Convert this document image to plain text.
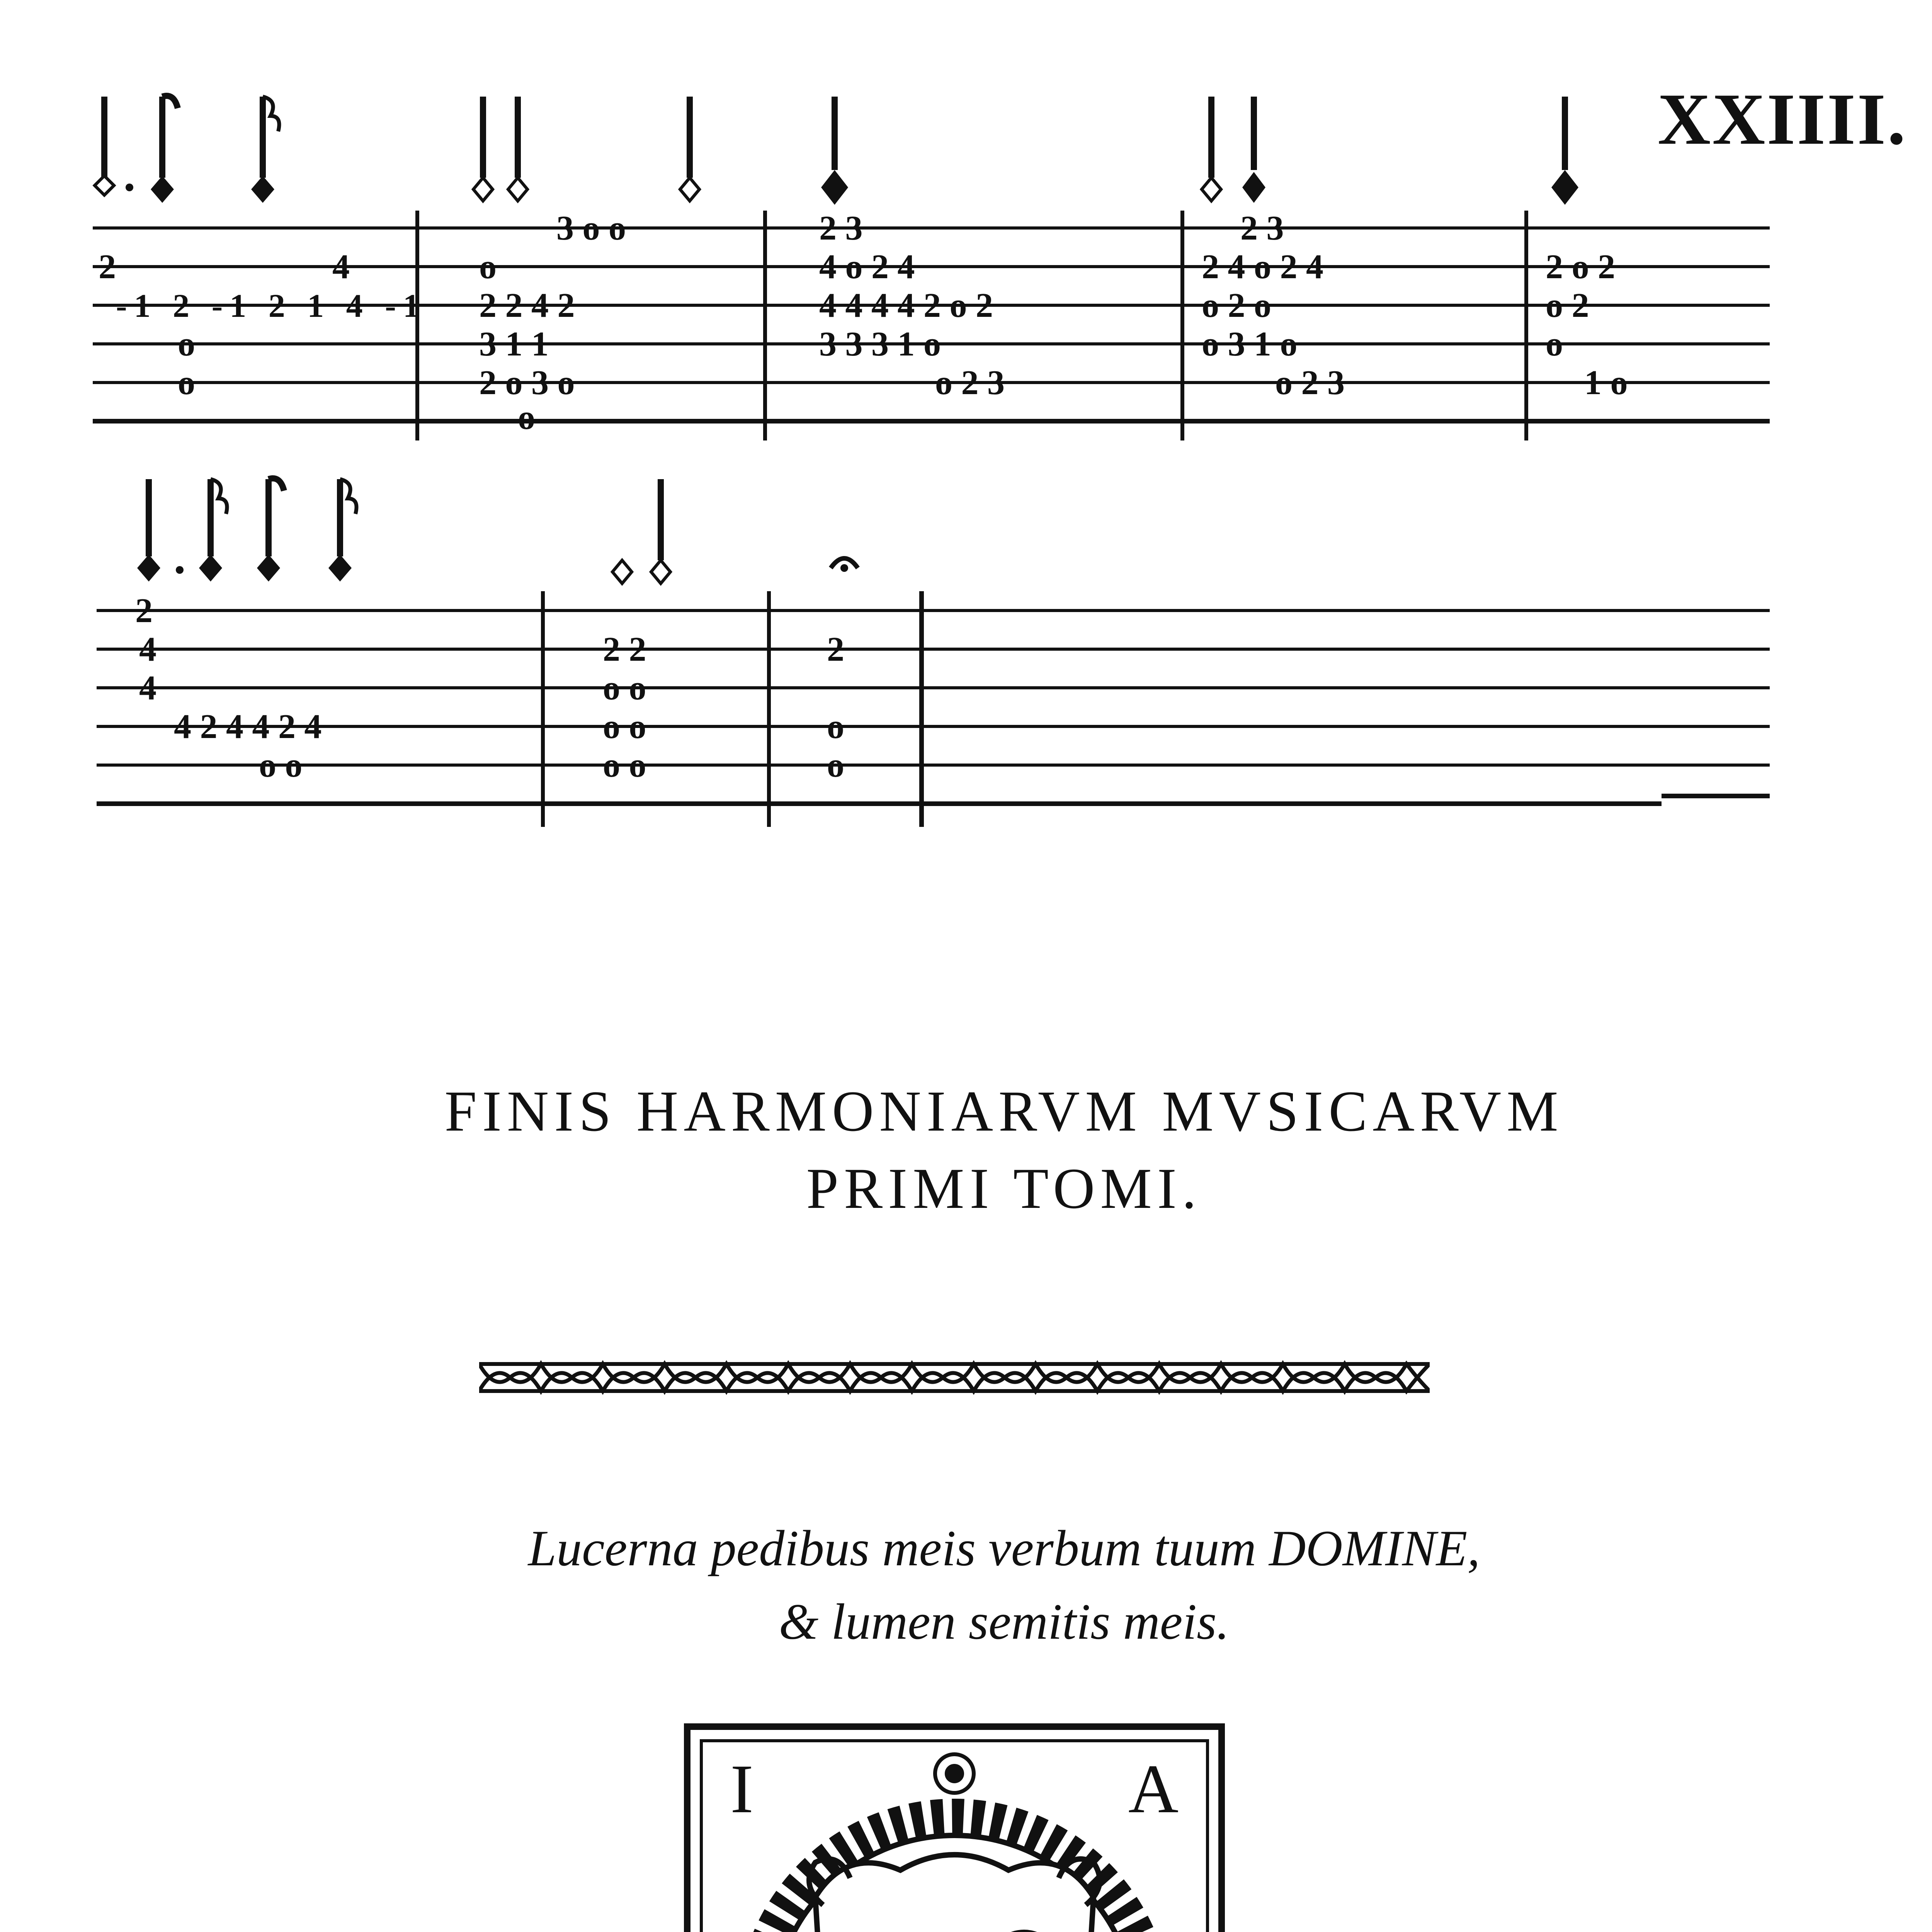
XXIIII.
2	4
-1 2 -1 2 1 4 -1
o
o
3 o o
o
2 2 4 2
3 1 1
2 o 3 o
o
2 3
4 o 2 4
4 4 4 4 2 o 2
3 3 3 1 o
o 2 3
2 3
2 4 o 2 4
o 2 o
o 3 1 o
o 2 3
2 o 2
o 2
o
1 o
2
4
4
4 2 4 4 2 4
o o
2 2
o o
o o
o o
2
o
o
FINIS HARMONIARVM MVSICARVM
PRIMI TOMI.
Lucerna pedibus meis verbum tuum DOMINE,
& lumen semitis meis.
I	A
